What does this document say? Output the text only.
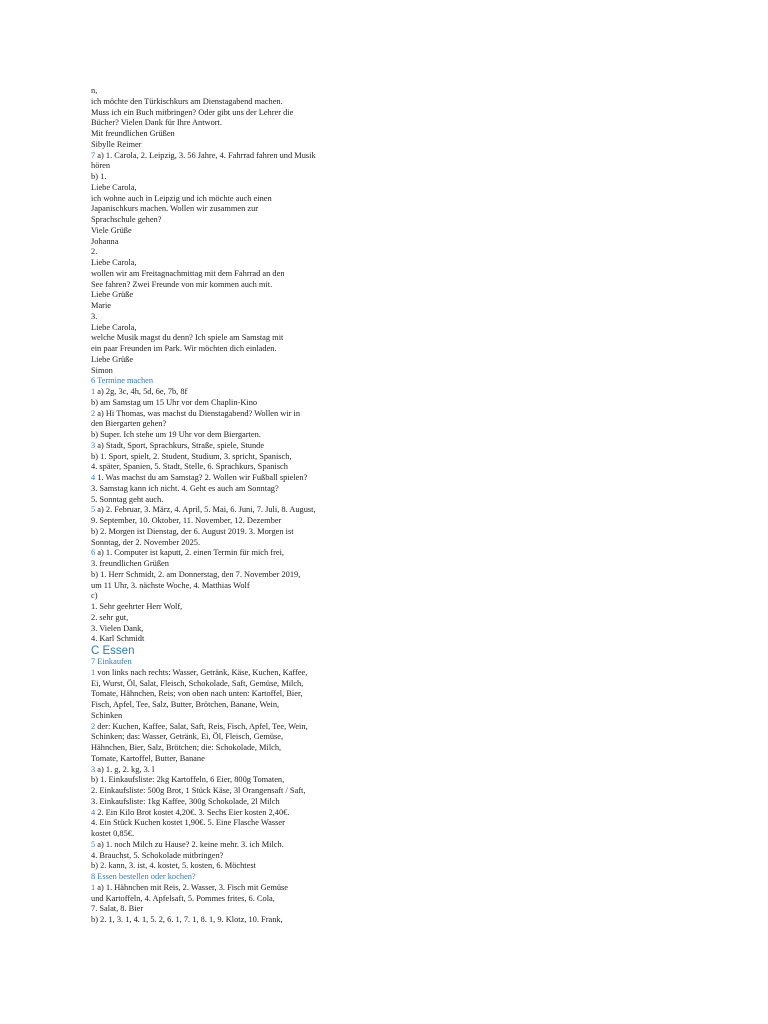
n,
ich möchte den Türkischkurs am Dienstagabend machen.
Muss ich ein Buch mitbringen? Oder gibt uns der Lehrer die
Bücher? Vielen Dank für Ihre Antwort.
Mit freundlichen Grüßen
Sibylle Reimer
7 a) 1. Carola, 2. Leipzig, 3. 56 Jahre, 4. Fahrrad fahren und Musik
hören
b) 1.
Liebe Carola,
ich wohne auch in Leipzig und ich möchte auch einen
Japanischkurs machen. Wollen wir zusammen zur
Sprachschule gehen?
Viele Grüße
Johanna
2.
Liebe Carola,
wollen wir am Freitagnachmittag mit dem Fahrrad an den
See fahren? Zwei Freunde von mir kommen auch mit.
Liebe Grüße
Marie
3.
Liebe Carola,
welche Musik magst du denn? Ich spiele am Samstag mit
ein paar Freunden im Park. Wir möchten dich einladen.
Liebe Grüße
Simon
6 Termine machen
1 a) 2g, 3c, 4h, 5d, 6e, 7b, 8f
b) am Samstag um 15 Uhr vor dem Chaplin-Kino
2 a) Hi Thomas, was machst du Dienstagabend? Wollen wir in
den Biergarten gehen?
b) Super. Ich stehe um 19 Uhr vor dem Biergarten.
3 a) Stadt, Sport, Sprachkurs, Straße, spiele, Stunde
b) 1. Sport, spielt, 2. Student, Studium, 3. spricht, Spanisch,
4. später, Spanien, 5. Stadt, Stelle, 6. Sprachkurs, Spanisch
4 1. Was machst du am Samstag? 2. Wollen wir Fußball spielen?
3. Samstag kann ich nicht. 4. Geht es auch am Sonntag?
5. Sonntag geht auch.
5 a) 2. Februar, 3. März, 4. April, 5. Mai, 6. Juni, 7. Juli, 8. August,
9. September, 10. Oktober, 11. November, 12. Dezember
b) 2. Morgen ist Dienstag, der 6. August 2019. 3. Morgen ist
Sonntag, der 2. November 2025.
6 a) 1. Computer ist kaputt, 2. einen Termin für mich frei,
3. freundlichen Grüßen
b) 1. Herr Schmidt, 2. am Donnerstag, den 7. November 2019,
um 11 Uhr, 3. nächste Woche, 4. Matthias Wolf
c)
1. Sehr geehrter Herr Wolf,
2. sehr gut,
3. Vielen Dank,
4. Karl Schmidt
C Essen
7 Einkaufen
1 von links nach rechts: Wasser, Getränk, Käse, Kuchen, Kaffee,
Ei, Wurst, Öl, Salat, Fleisch, Schokolade, Saft, Gemüse, Milch,
Tomate, Hähnchen, Reis; von oben nach unten: Kartoffel, Bier,
Fisch, Apfel, Tee, Salz, Butter, Brötchen, Banane, Wein,
Schinken
2 der: Kuchen, Kaffee, Salat, Saft, Reis, Fisch, Apfel, Tee, Wein,
Schinken; das: Wasser, Getränk, Ei, Öl, Fleisch, Gemüse,
Hähnchen, Bier, Salz, Brötchen; die: Schokolade, Milch,
Tomate, Kartoffel, Butter, Banane
3 a) 1. g, 2. kg, 3. l
b) 1. Einkaufsliste: 2kg Kartoffeln, 6 Eier, 800g Tomaten,
2. Einkaufsliste: 500g Brot, 1 Stück Käse, 3l Orangensaft / Saft,
3. Einkaufsliste: 1kg Kaffee, 300g Schokolade, 2l Milch
4 2. Ein Kilo Brot kostet 4,20€. 3. Sechs Eier kosten 2,40€.
4. Ein Stück Kuchen kostet 1,90€. 5. Eine Flasche Wasser
kostet 0,85€.
5 a) 1. noch Milch zu Hause? 2. keine mehr. 3. ich Milch.
4. Brauchst, 5. Schokolade mitbringen?
b) 2. kann, 3. ist, 4. kostet, 5. kosten, 6. Möchtest
8 Essen bestellen oder kochen?
1 a) 1. Hähnchen mit Reis, 2. Wasser, 3. Fisch mit Gemüse
und Kartoffeln, 4. Apfelsaft, 5. Pommes frites, 6. Cola,
7. Salat, 8. Bier
b) 2. 1, 3. 1, 4. 1, 5. 2, 6. 1, 7. 1, 8. 1, 9. Klotz, 10. Frank,
